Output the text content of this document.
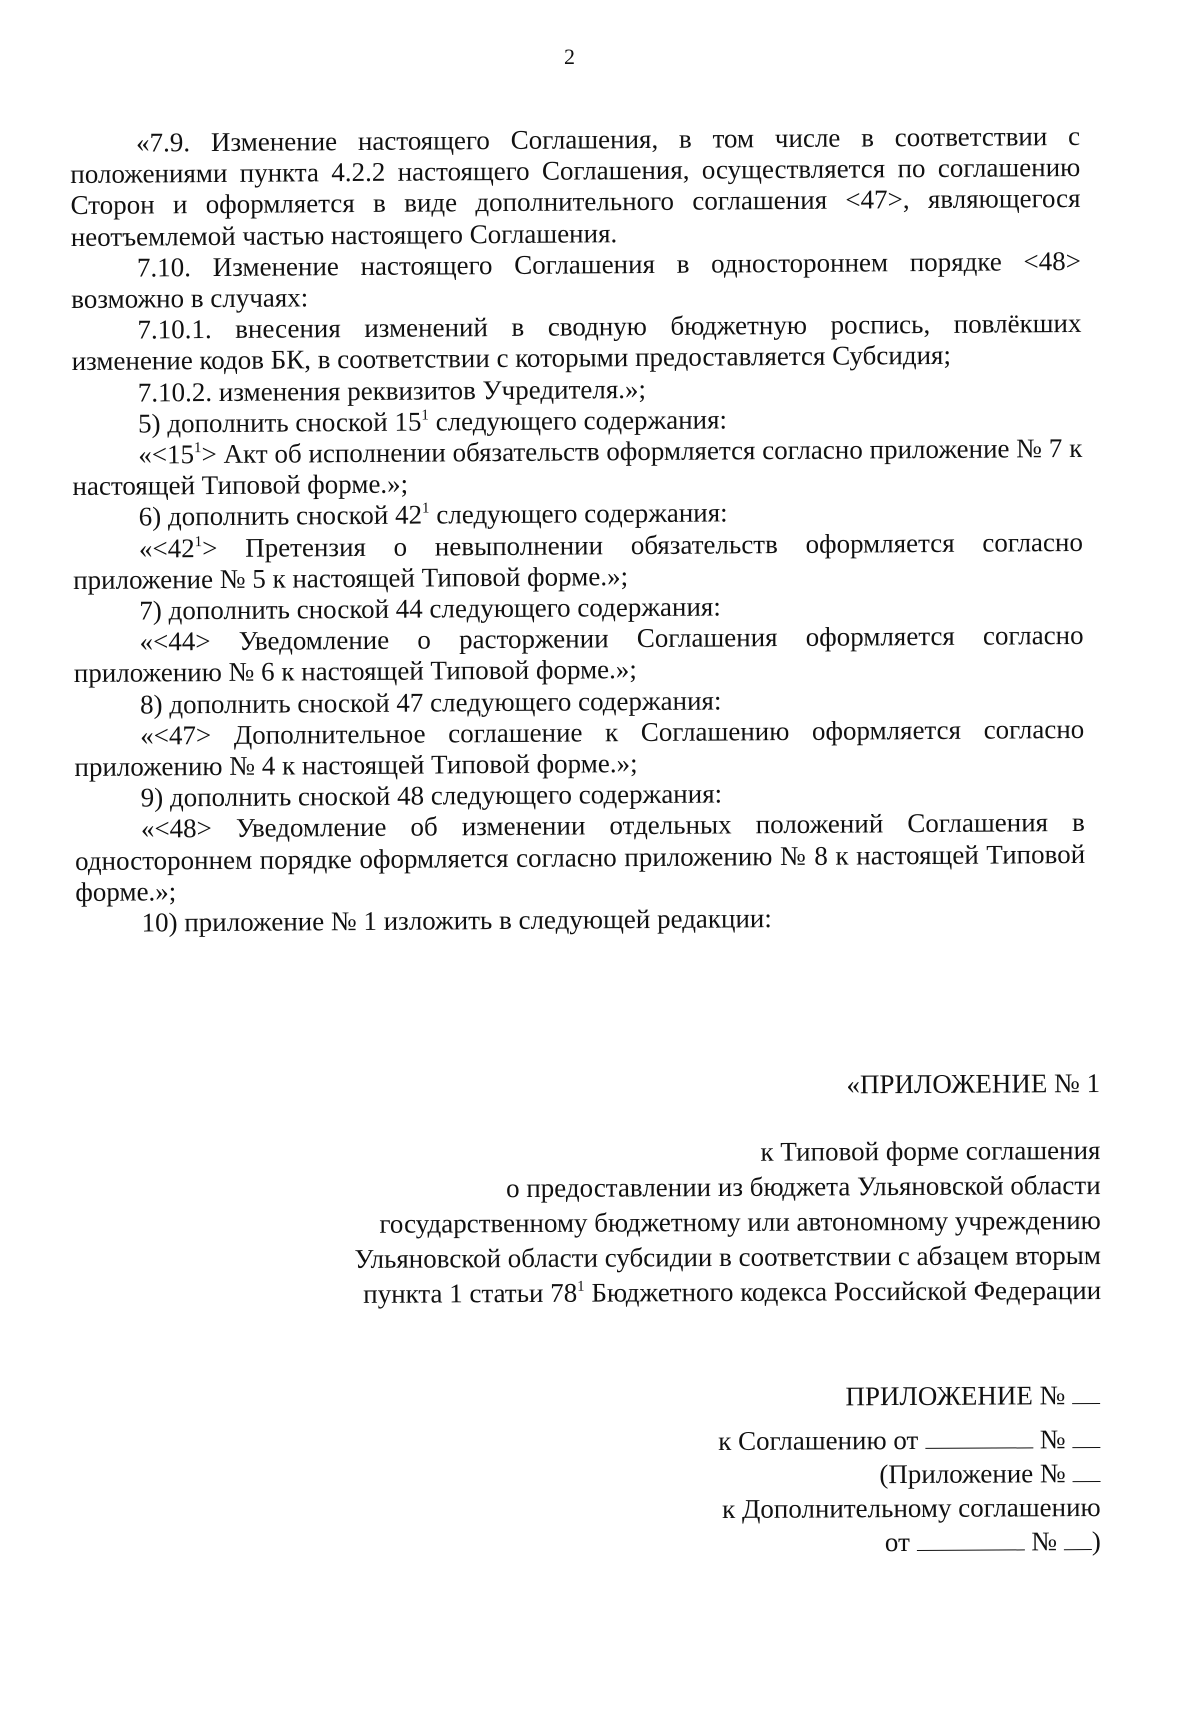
2

«7.9. Изменение настоящего Соглашения, в том числе в соответствии с положениями пункта 4.2.2 настоящего Соглашения, осуществляется по соглашению Сторон и оформляется в виде дополнительного соглашения <47>, являющегося неотъемлемой частью настоящего Соглашения.

7.10. Изменение настоящего Соглашения в одностороннем порядке <48> возможно в случаях:

7.10.1. внесения изменений в сводную бюджетную роспись, повлёкших изменение кодов БК, в соответствии с которыми предоставляется Субсидия;

7.10.2. изменения реквизитов Учредителя.»;

5) дополнить сноской $15^1$ следующего содержания:

«$<15^1>$ Акт об исполнении обязательств оформляется согласно приложение № 7 к настоящей Типовой форме.»;

6) дополнить сноской $42^1$ следующего содержания:

«$<42^1>$ Претензия о невыполнении обязательств оформляется согласно приложение № 5 к настоящей Типовой форме.»;

7) дополнить сноской 44 следующего содержания:

«<44> Уведомление о расторжении Соглашения оформляется согласно приложению № 6 к настоящей Типовой форме.»;

8) дополнить сноской 47 следующего содержания:

«<47> Дополнительное соглашение к Соглашению оформляется согласно приложению № 4 к настоящей Типовой форме.»;

9) дополнить сноской 48 следующего содержания:

«<48> Уведомление об изменении отдельных положений Соглашения в одностороннем порядке оформляется согласно приложению № 8 к настоящей Типовой форме.»;

10) приложение № 1 изложить в следующей редакции:

«ПРИЛОЖЕНИЕ № 1

к Типовой форме соглашения

о предоставлении из бюджета Ульяновской области

государственному бюджетному или автономному учреждению

Ульяновской области субсидии в соответствии с абзацем вторым

пункта 1 статьи $78^1$ Бюджетного кодекса Российской Федерации

ПРИЛОЖЕНИЕ №

к Соглашению от	№

(Приложение №

к Дополнительному соглашению

от	№ )
